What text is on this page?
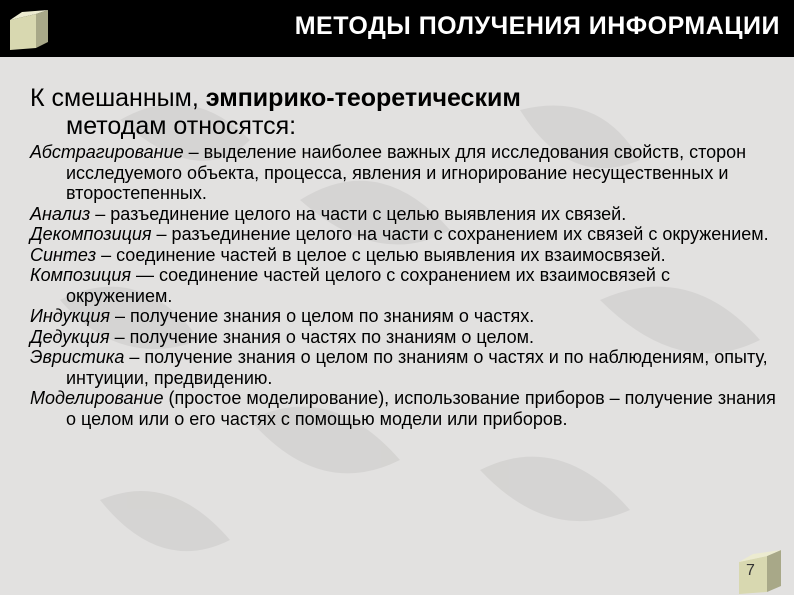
МЕТОДЫ ПОЛУЧЕНИЯ ИНФОРМАЦИИ
К смешанным, эмпирико-теоретическим
методам относятся:

Абстрагирование – выделение наиболее важных для исследования свойств, сторон исследуемого объекта, процесса, явления и игнорирование несущественных и второстепенных.

Анализ – разъединение целого на части с целью выявления их связей.

Декомпозиция – разъединение целого на части с сохранением их связей с окружением.

Синтез – соединение частей в целое с целью выявления их взаимосвязей.

Композиция — соединение частей целого с сохранением их взаимосвязей с окружением.

Индукция – получение знания о целом по знаниям о частях.

Дедукция – получение знания о частях по знаниям о целом.

Эвристика – получение знания о целом по знаниям о частях и по наблюдениям, опыту, интуиции, предвидению.

Моделирование (простое моделирование), использование приборов – получение знания о целом или о его частях с помощью модели или приборов.

7
